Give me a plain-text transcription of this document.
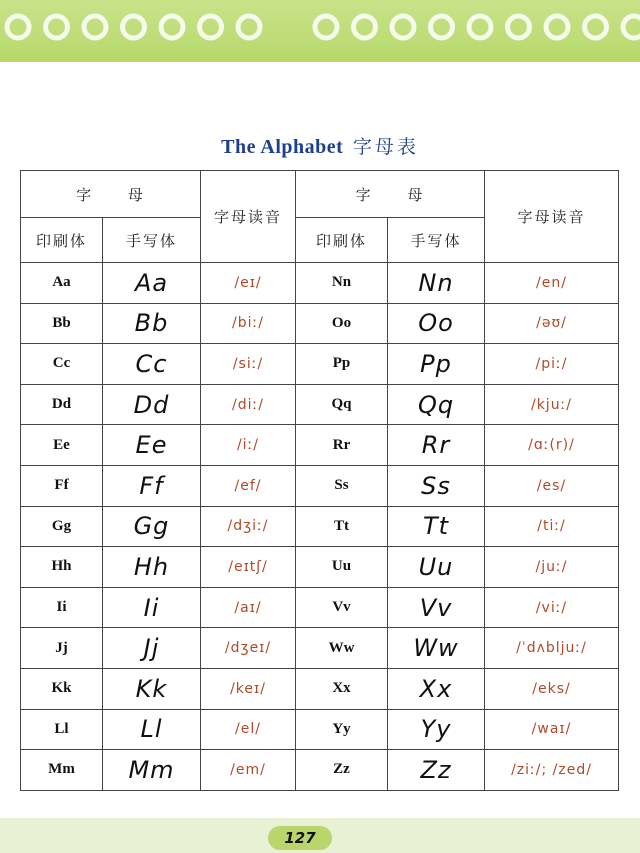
The Alphabet 字母表
字 母		字母读音	字 母		字母读音
印刷体	手写体		印刷体	手写体	
Aa	Aa	/eɪ/	Nn	Nn	/en/
Bb	Bb	/biː/	Oo	Oo	/əʊ/
Cc	Cc	/siː/	Pp	Pp	/piː/
Dd	Dd	/diː/	Qq	Qq	/kjuː/
Ee	Ee	/iː/	Rr	Rr	/ɑː(r)/
Ff	Ff	/ef/	Ss	Ss	/es/
Gg	Gg	/dʒiː/	Tt	Tt	/tiː/
Hh	Hh	/eɪtʃ/	Uu	Uu	/juː/
Ii	Ii	/aɪ/	Vv	Vv	/viː/
Jj	Jj	/dʒeɪ/	Ww	Ww	/ˈdʌbljuː/
Kk	Kk	/keɪ/	Xx	Xx	/eks/
Ll	Ll	/el/	Yy	Yy	/waɪ/
Mm	Mm	/em/	Zz	Zz	/ziː/; /zed/
127
